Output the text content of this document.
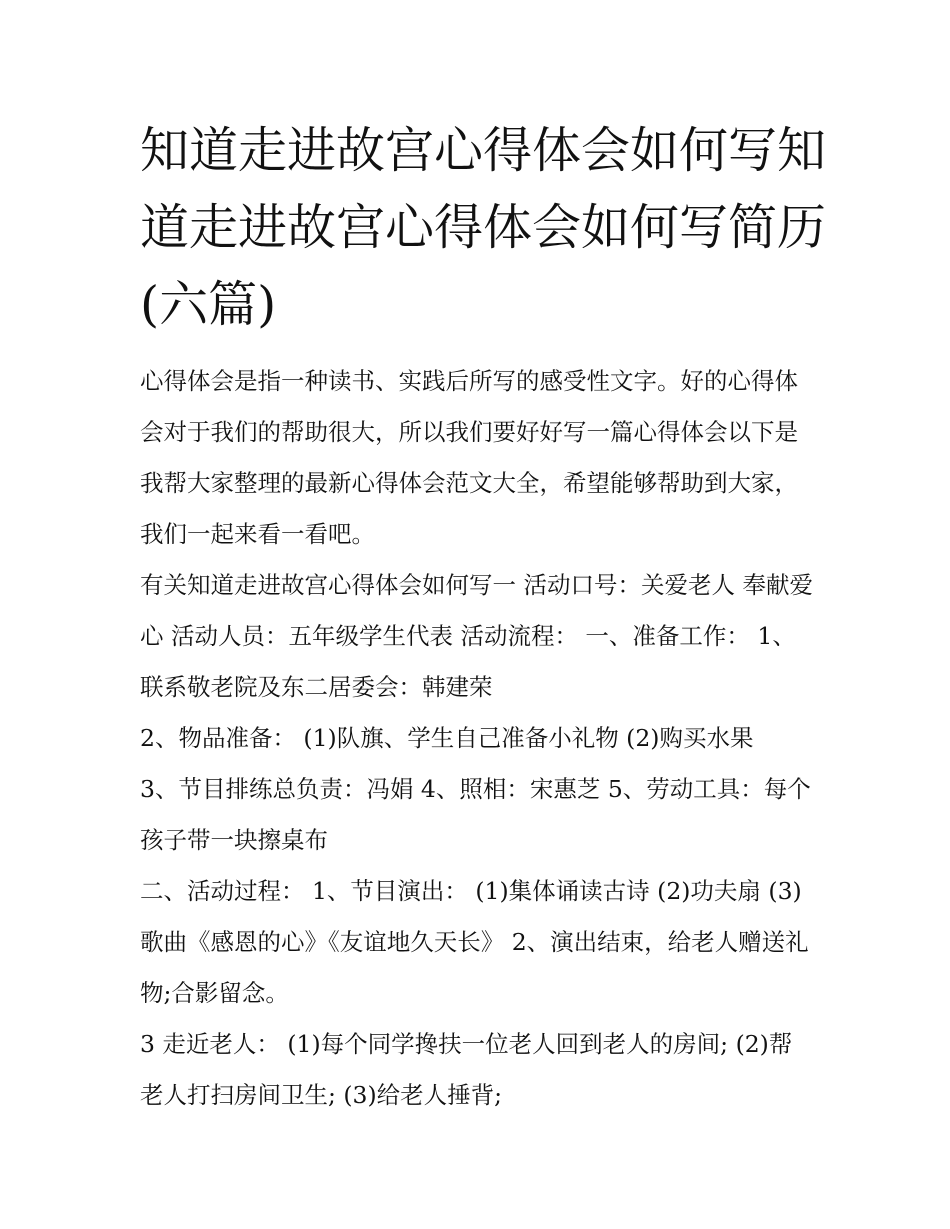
知道走进故宫心得体会如何写知道走进故宫心得体会如何写简历(六篇)

心得体会是指一种读书、实践后所写的感受性文字。好的心得体会对于我们的帮助很大，所以我们要好好写一篇心得体会以下是我帮大家整理的最新心得体会范文大全，希望能够帮助到大家，我们一起来看一看吧。

有关知道走进故宫心得体会如何写一 活动口号：关爱老人 奉献爱心 活动人员：五年级学生代表 活动流程： 一、准备工作： 1、联系敬老院及东二居委会：韩建荣

2、物品准备： (1)队旗、学生自己准备小礼物 (2)购买水果

3、节目排练总负责：冯娟 4、照相：宋惠芝 5、劳动工具：每个孩子带一块擦桌布

二、活动过程： 1、节目演出： (1)集体诵读古诗 (2)功夫扇 (3)歌曲《感恩的心》《友谊地久天长》 2、演出结束，给老人赠送礼物;合影留念。

3 走近老人： (1)每个同学搀扶一位老人回到老人的房间; (2)帮老人打扫房间卫生; (3)给老人捶背;
